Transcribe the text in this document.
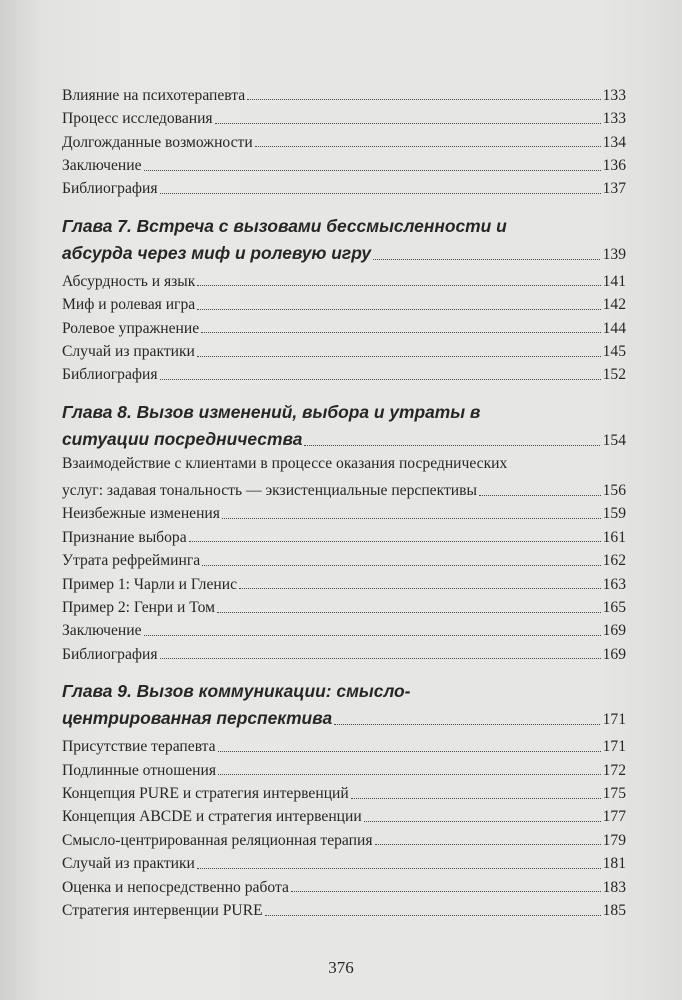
Влияние на психотерапевта	133
Процесс исследования	133
Долгожданные возможности	134
Заключение	136
Библиография	137
Глава 7. Встреча с вызовами бессмысленности и
абсурда через миф и ролевую игру	139
Абсурдность и язык	141
Миф и ролевая игра	142
Ролевое упражнение	144
Случай из практики	145
Библиография	152
Глава 8. Вызов изменений, выбора и утраты в
ситуации посредничества	154
Взаимодействие с клиентами в процессе оказания посреднических
услуг: задавая тональность — экзистенциальные перспективы	156
Неизбежные изменения	159
Признание выбора	161
Утрата рефрейминга	162
Пример 1: Чарли и Гленис	163
Пример 2: Генри и Том	165
Заключение	169
Библиография	169
Глава 9. Вызов коммуникации: смысло-
центрированная перспектива	171
Присутствие терапевта	171
Подлинные отношения	172
Концепция PURE и стратегия интервенций	175
Концепция ABCDE и стратегия интервенции	177
Смысло-центрированная реляционная терапия	179
Случай из практики	181
Оценка и непосредственно работа	183
Стратегия интервенции PURE	185
376
